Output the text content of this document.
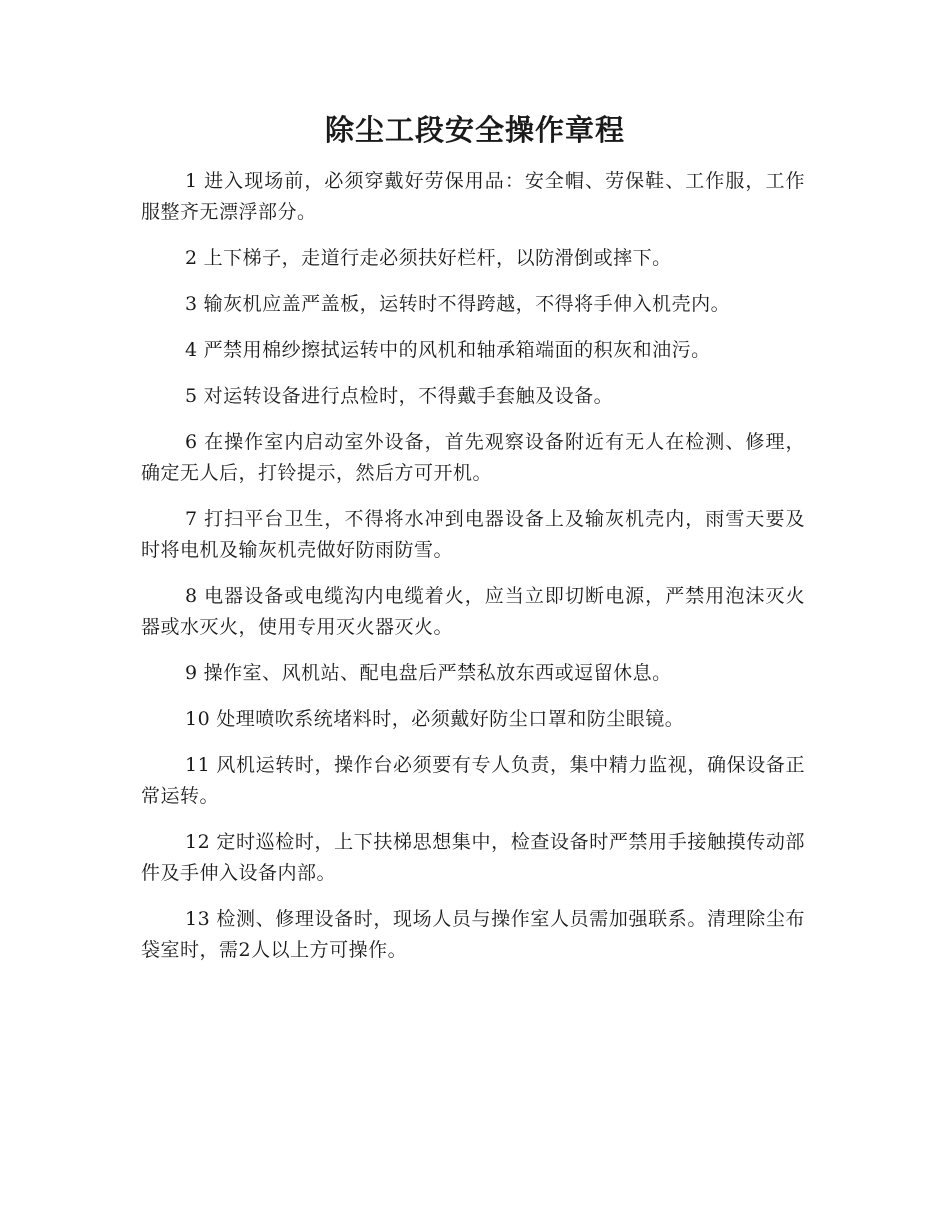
除尘工段安全操作章程

1 进入现场前，必须穿戴好劳保用品：安全帽、劳保鞋、工作服，工作服整齐无漂浮部分。

2 上下梯子，走道行走必须扶好栏杆，以防滑倒或摔下。

3 输灰机应盖严盖板，运转时不得跨越，不得将手伸入机壳内。

4 严禁用棉纱擦拭运转中的风机和轴承箱端面的积灰和油污。

5 对运转设备进行点检时，不得戴手套触及设备。

6 在操作室内启动室外设备，首先观察设备附近有无人在检测、修理，确定无人后，打铃提示，然后方可开机。

7 打扫平台卫生，不得将水冲到电器设备上及输灰机壳内，雨雪天要及时将电机及输灰机壳做好防雨防雪。

8 电器设备或电缆沟内电缆着火，应当立即切断电源，严禁用泡沫灭火器或水灭火，使用专用灭火器灭火。

9 操作室、风机站、配电盘后严禁私放东西或逗留休息。

10 处理喷吹系统堵料时，必须戴好防尘口罩和防尘眼镜。

11 风机运转时，操作台必须要有专人负责，集中精力监视，确保设备正常运转。

12 定时巡检时，上下扶梯思想集中，检查设备时严禁用手接触摸传动部件及手伸入设备内部。

13 检测、修理设备时，现场人员与操作室人员需加强联系。清理除尘布袋室时，需2人以上方可操作。
